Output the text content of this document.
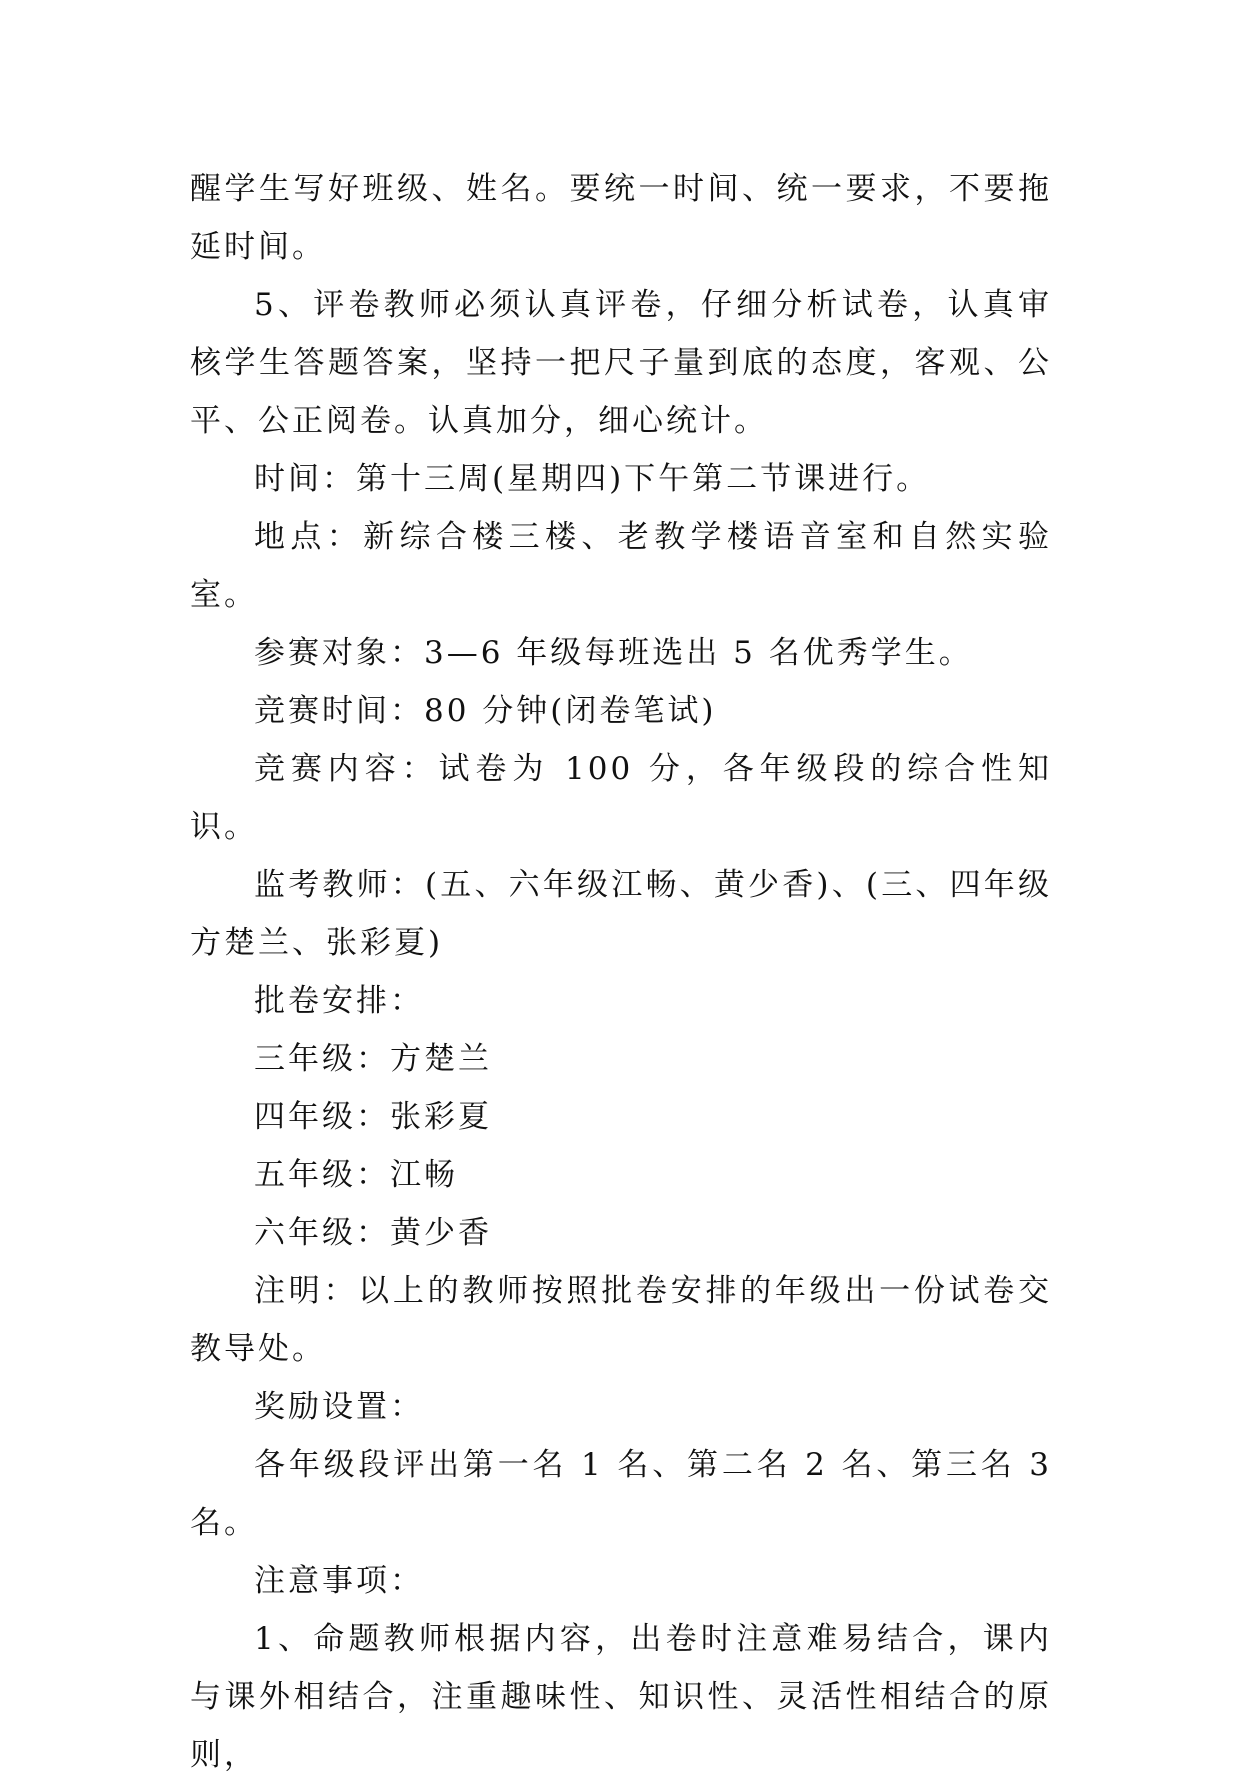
醒学生写好班级、姓名。要统一时间、统一要求，不要拖延时间。

5、评卷教师必须认真评卷，仔细分析试卷，认真审核学生答题答案，坚持一把尺子量到底的态度，客观、公平、公正阅卷。认真加分，细心统计。

时间：第十三周(星期四)下午第二节课进行。

地点：新综合楼三楼、老教学楼语音室和自然实验室。

参赛对象：3—6 年级每班选出 5 名优秀学生。

竞赛时间：80 分钟(闭卷笔试)

竞赛内容：试卷为 100 分，各年级段的综合性知识。

监考教师：(五、六年级江畅、黄少香)、(三、四年级方楚兰、张彩夏)

批卷安排：

三年级：方楚兰

四年级：张彩夏

五年级：江畅

六年级：黄少香

注明：以上的教师按照批卷安排的年级出一份试卷交教导处。

奖励设置：

各年级段评出第一名 1 名、第二名 2 名、第三名 3 名。

注意事项：

1、命题教师根据内容，出卷时注意难易结合，课内与课外相结合，注重趣味性、知识性、灵活性相结合的原则，
